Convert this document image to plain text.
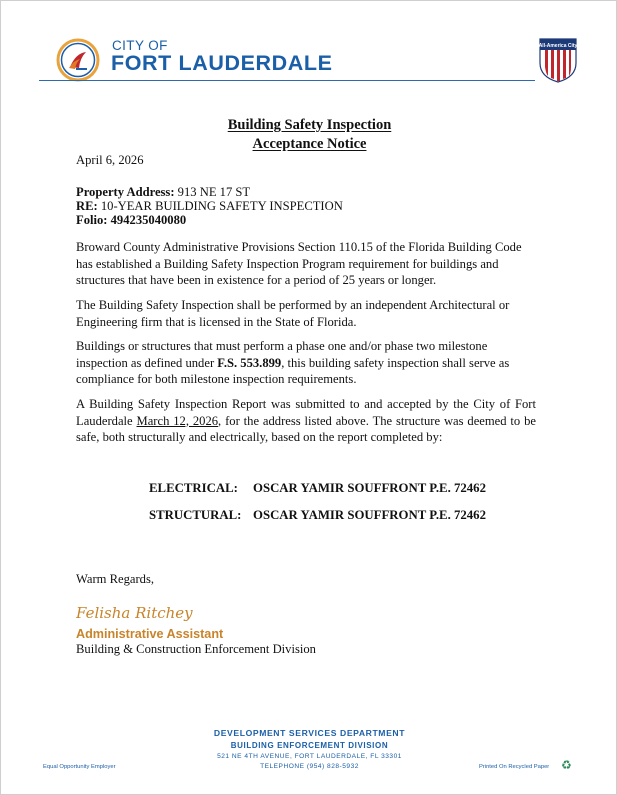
CITY OF
FORT LAUDERDALE
All-America City
Building Safety Inspection
Acceptance Notice
April 6, 2026
Property Address: 913 NE 17 ST
RE: 10-YEAR BUILDING SAFETY INSPECTION
Folio: 494235040080
Broward County Administrative Provisions Section 110.15 of the Florida Building Code has established a Building Safety Inspection Program requirement for buildings and structures that have been in existence for a period of 25 years or longer.
The Building Safety Inspection shall be performed by an independent Architectural or Engineering firm that is licensed in the State of Florida.
Buildings or structures that must perform a phase one and/or phase two milestone inspection as defined under F.S. 553.899, this building safety inspection shall serve as compliance for both milestone inspection requirements.
A Building Safety Inspection Report was submitted to and accepted by the City of Fort Lauderdale March 12, 2026, for the address listed above. The structure was deemed to be safe, both structurally and electrically, based on the report completed by:
ELECTRICAL: OSCAR YAMIR SOUFFRONT P.E. 72462
STRUCTURAL: OSCAR YAMIR SOUFFRONT P.E. 72462
Warm Regards,
Felisha Ritchey
Administrative Assistant
Building & Construction Enforcement Division
DEVELOPMENT SERVICES DEPARTMENT
BUILDING ENFORCEMENT DIVISION
521 NE 4TH AVENUE, FORT LAUDERDALE, FL 33301
TELEPHONE (954) 828-5932
Equal Opportunity Employer	Printed On Recycled Paper ♻
